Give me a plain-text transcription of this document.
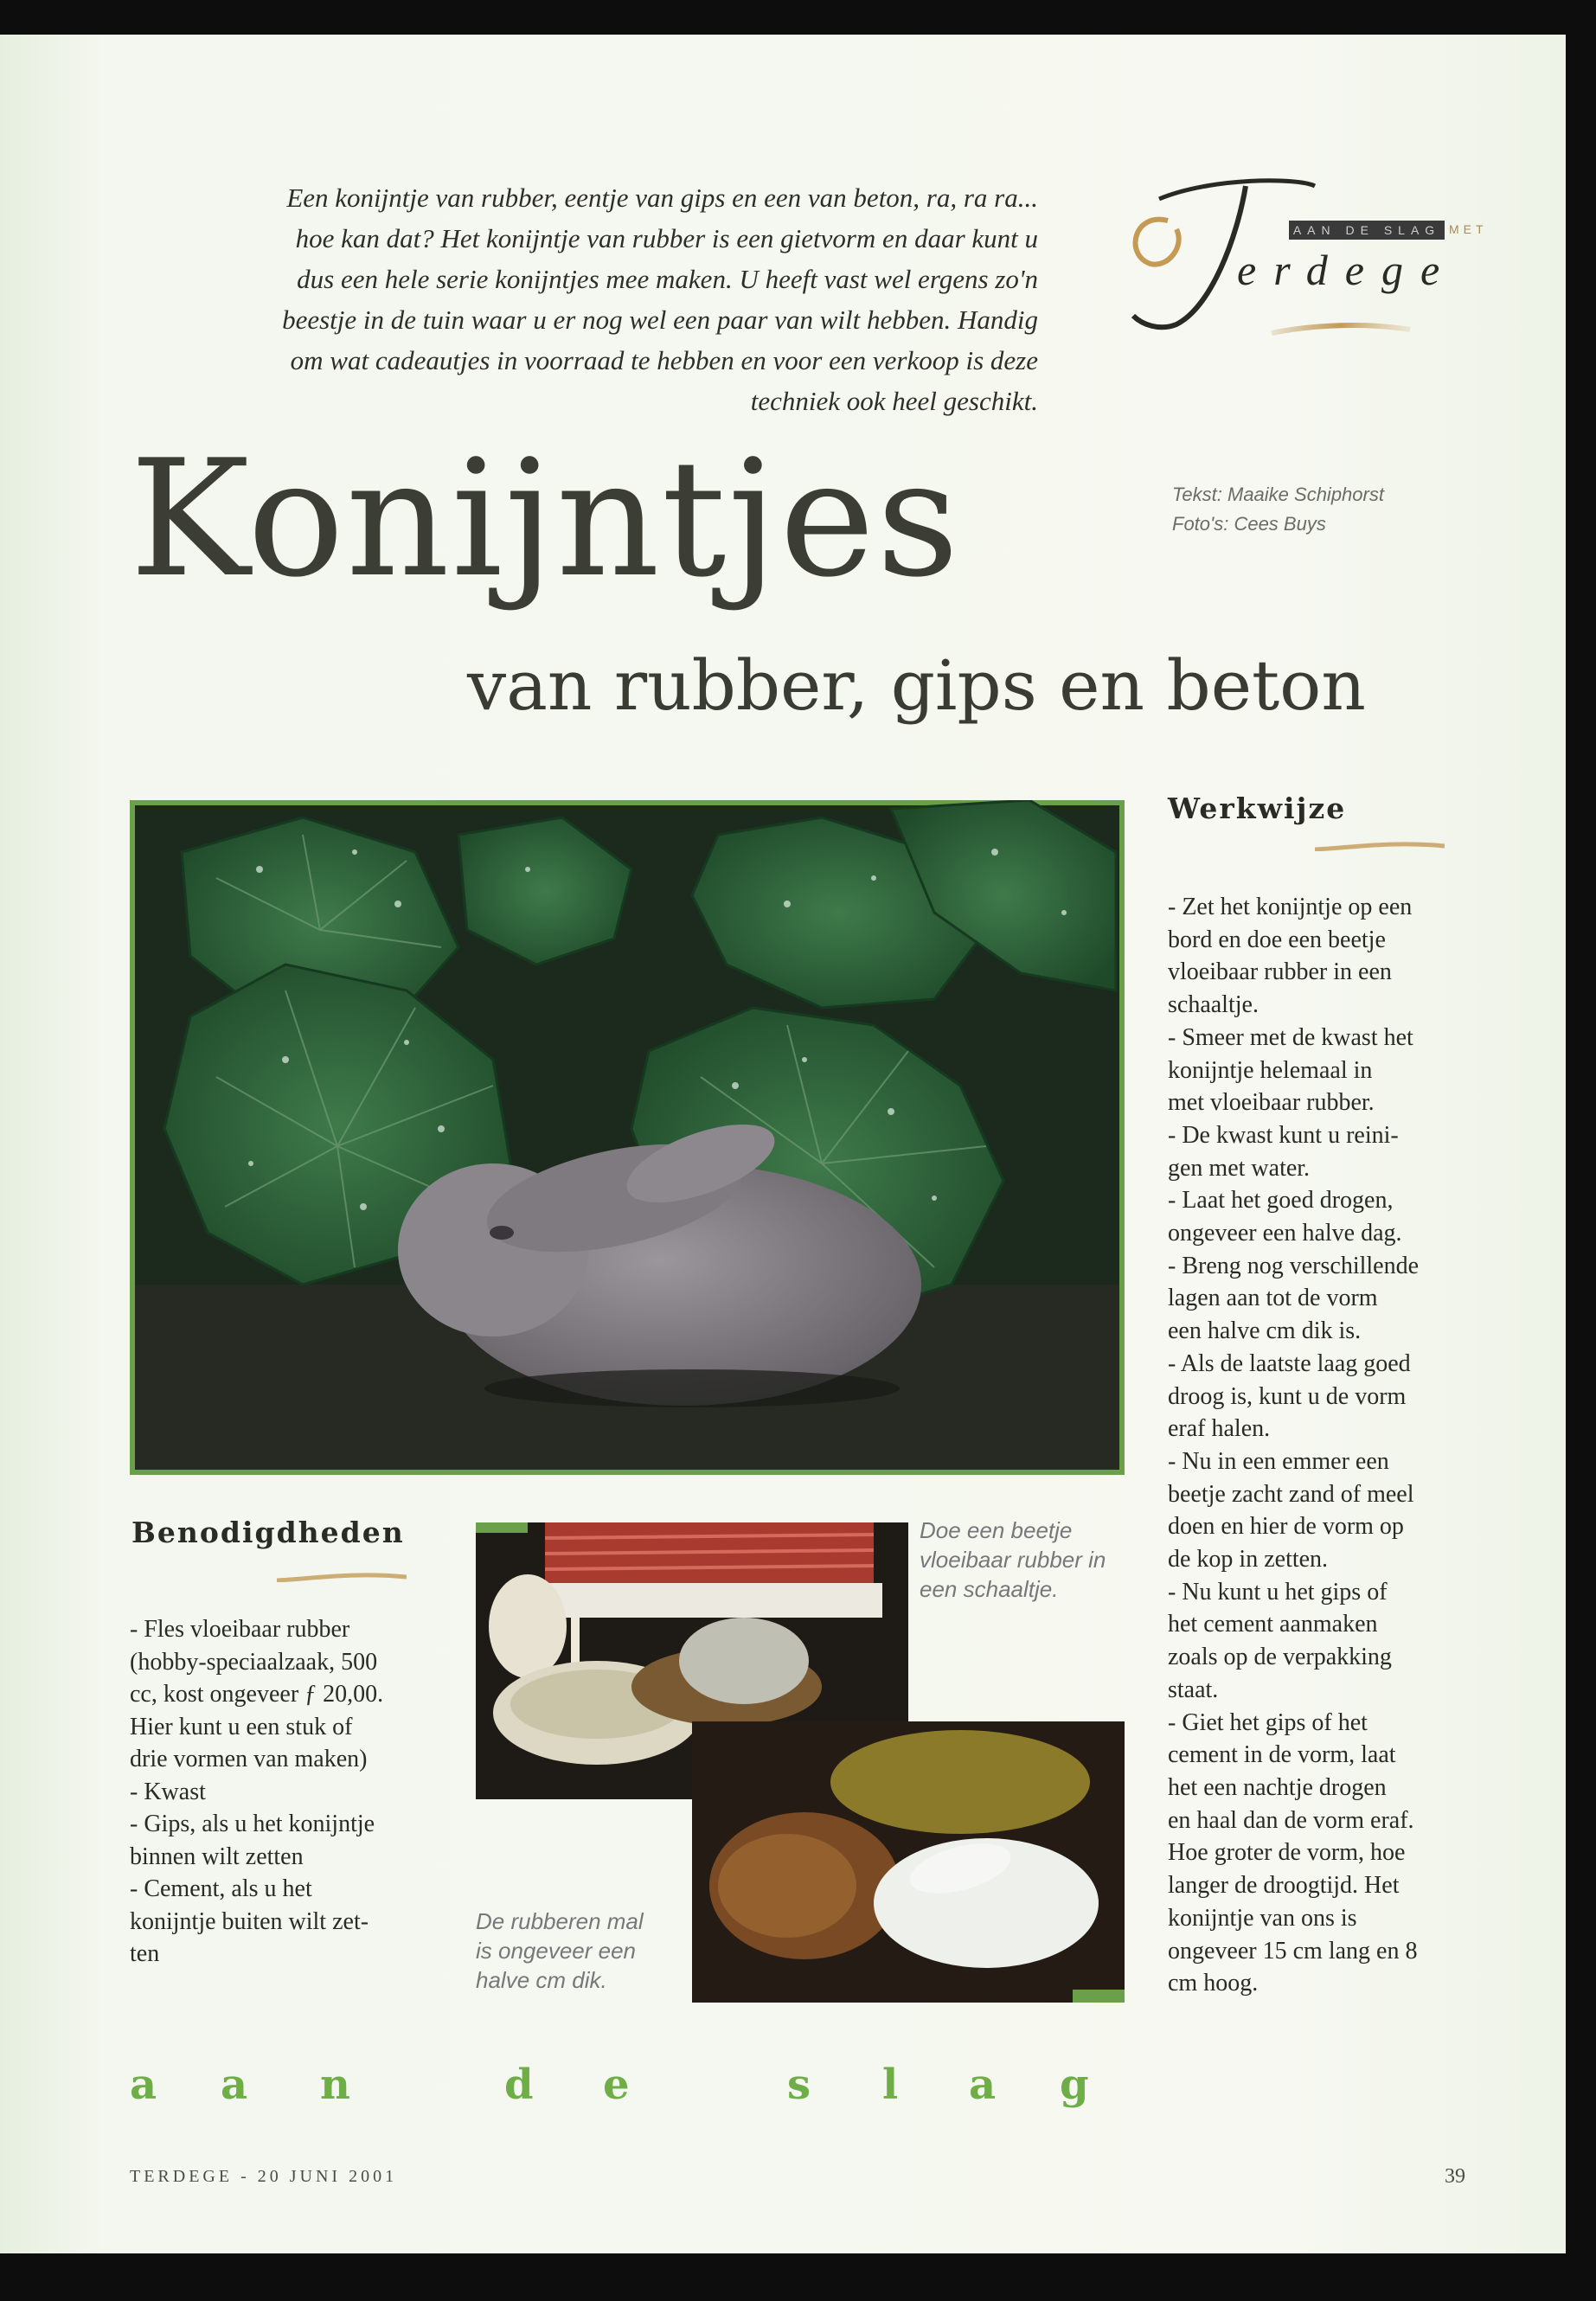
Een konijntje van rubber, eentje van gips en een van beton, ra, ra ra...
hoe kan dat? Het konijntje van rubber is een gietvorm en daar kunt u
dus een hele serie konijntjes mee maken. U heeft vast wel ergens zo'n
beestje in de tuin waar u er nog wel een paar van wilt hebben. Handig
om wat cadeautjes in voorraad te hebben en voor een verkoop is deze
techniek ook heel geschikt.
AAN DE SLAG MET
erdege
Konijntjes
van rubber, gips en beton
Tekst: Maaike Schiphorst
Foto's: Cees Buys
Werkwijze
- Zet het konijntje op een
bord en doe een beetje
vloeibaar rubber in een
schaaltje.
- Smeer met de kwast het
konijntje helemaal in
met vloeibaar rubber.
- De kwast kunt u reini-
gen met water.
- Laat het goed drogen,
ongeveer een halve dag.
- Breng nog verschillende
lagen aan tot de vorm
een halve cm dik is.
- Als de laatste laag goed
droog is, kunt u de vorm
eraf halen.
- Nu in een emmer een
beetje zacht zand of meel
doen en hier de vorm op
de kop in zetten.
- Nu kunt u het gips of
het cement aanmaken
zoals op de verpakking
staat.
- Giet het gips of het
cement in de vorm, laat
het een nachtje drogen
en haal dan de vorm eraf.
Hoe groter de vorm, hoe
langer de droogtijd. Het
konijntje van ons is
ongeveer 15 cm lang en 8
cm hoog.
Benodigdheden
- Fles vloeibaar rubber
(hobby-speciaalzaak, 500
cc, kost ongeveer ƒ 20,00.
Hier kunt u een stuk of
drie vormen van maken)
- Kwast
- Gips, als u het konijntje
binnen wilt zetten
- Cement, als u het
konijntje buiten wilt zet-
ten
Doe een beetje
vloeibaar rubber in
een schaaltje.
De rubberen mal
is ongeveer een
halve cm dik.
a a n	d e	s l a g
TERDEGE - 20 JUNI 2001	39
